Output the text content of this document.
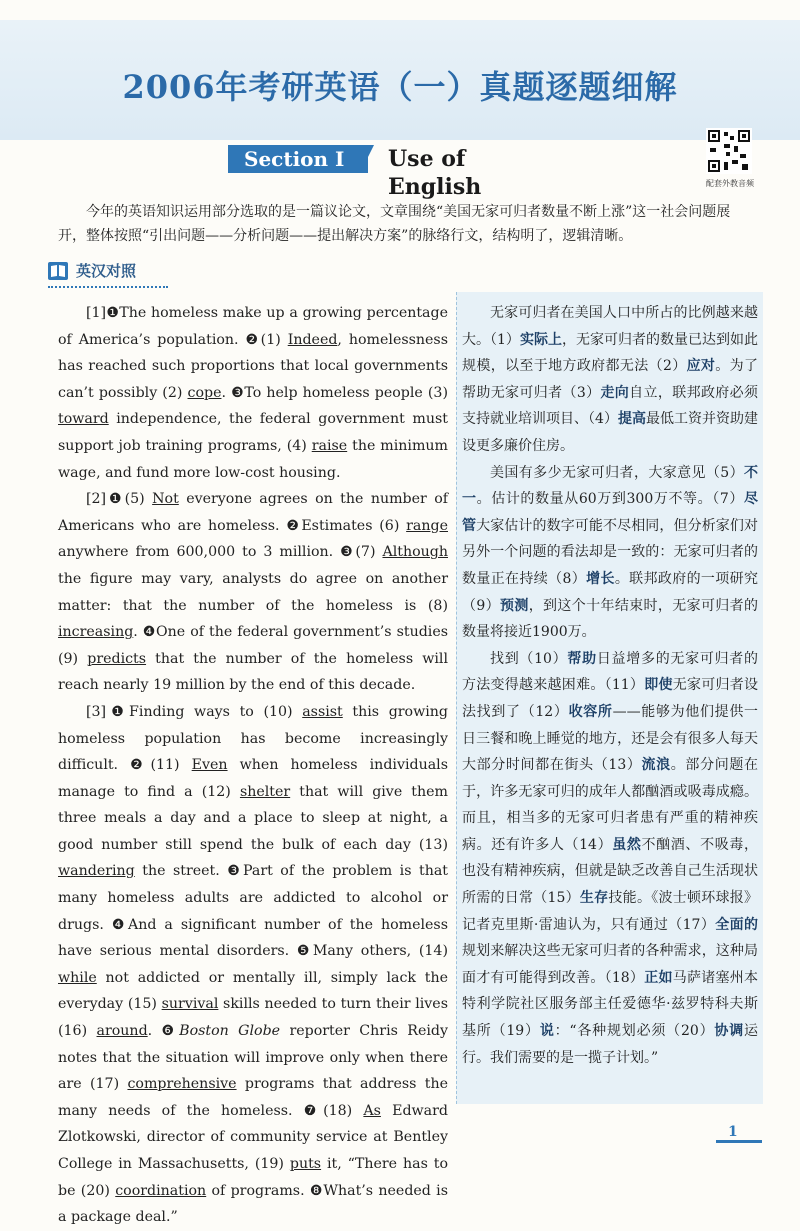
2006年考研英语（一）真题逐题细解
Section Ⅰ	Use of English	配套外教音频
今年的英语知识运用部分选取的是一篇议论文，文章围绕“美国无家可归者数量不断上涨”这一社会问题展开，整体按照“引出问题——分析问题——提出解决方案”的脉络行文，结构明了，逻辑清晰。
英汉对照

[1]❶The homeless make up a growing percentage of America’s population. ❷(1) Indeed, homelessness has reached such proportions that local governments can’t possibly (2) cope. ❸To help homeless people (3) toward independence, the federal government must support job training programs, (4) raise the minimum wage, and fund more low-cost housing.

[2]❶(5) Not everyone agrees on the number of Americans who are homeless. ❷Estimates (6) range anywhere from 600,000 to 3 million. ❸(7) Although the figure may vary, analysts do agree on another matter: that the number of the homeless is (8) increasing. ❹One of the federal government’s studies (9) predicts that the number of the homeless will reach nearly 19 million by the end of this decade.

[3]❶Finding ways to (10) assist this growing homeless population has become increasingly difficult. ❷(11) Even when homeless individuals manage to find a (12) shelter that will give them three meals a day and a place to sleep at night, a good number still spend the bulk of each day (13) wandering the street. ❸Part of the problem is that many homeless adults are addicted to alcohol or drugs. ❹And a significant number of the homeless have serious mental disorders. ❺Many others, (14) while not addicted or mentally ill, simply lack the everyday (15) survival skills needed to turn their lives (16) around. ❻Boston Globe reporter Chris Reidy notes that the situation will improve only when there are (17) comprehensive programs that address the many needs of the homeless. ❼(18) As Edward Zlotkowski, director of community service at Bentley College in Massachusetts, (19) puts it, “There has to be (20) coordination of programs. ❽What’s needed is a package deal.”

无家可归者在美国人口中所占的比例越来越大。（1）实际上，无家可归者的数量已达到如此规模，以至于地方政府都无法（2）应对。为了帮助无家可归者（3）走向自立，联邦政府必须支持就业培训项目、（4）提高最低工资并资助建设更多廉价住房。

美国有多少无家可归者，大家意见（5）不一。估计的数量从60万到300万不等。（7）尽管大家估计的数字可能不尽相同，但分析家们对另外一个问题的看法却是一致的：无家可归者的数量正在持续（8）增长。联邦政府的一项研究（9）预测，到这个十年结束时，无家可归者的数量将接近1900万。

找到（10）帮助日益增多的无家可归者的方法变得越来越困难。（11）即使无家可归者设法找到了（12）收容所——能够为他们提供一日三餐和晚上睡觉的地方，还是会有很多人每天大部分时间都在街头（13）流浪。部分问题在于，许多无家可归的成年人都酗酒或吸毒成瘾。而且，相当多的无家可归者患有严重的精神疾病。还有许多人（14）虽然不酗酒、不吸毒，也没有精神疾病，但就是缺乏改善自己生活现状所需的日常（15）生存技能。《波士顿环球报》记者克里斯·雷迪认为，只有通过（17）全面的规划来解决这些无家可归者的各种需求，这种局面才有可能得到改善。（18）正如马萨诸塞州本特利学院社区服务部主任爱德华·兹罗特科夫斯基所（19）说：“各种规划必须（20）协调运行。我们需要的是一揽子计划。”

1
